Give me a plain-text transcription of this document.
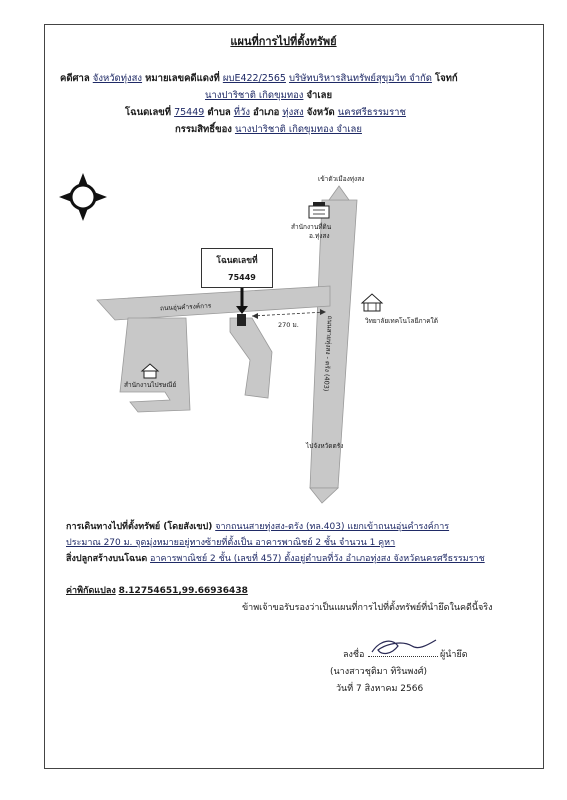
แผนที่การไปที่ตั้งทรัพย์
คดีศาล จังหวัดทุ่งสง หมายเลขคดีแดงที่ ผบE422/2565 บริษัทบริหารสินทรัพย์สุขุมวิท จำกัด โจทก์
นางปาริชาติ เกิดขุมทอง จำเลย
โฉนดเลขที่ 75449 ตำบล ที่วัง อำเภอ ทุ่งสง จังหวัด นครศรีธรรมราช
กรรมสิทธิ์ของ นางปาริชาติ เกิดขุมทอง จำเลย
N
เข้าตัวเมืองทุ่งสง
สำนักงานที่ดิน
อ.ทุ่งสง
โฉนดเลขที่
75449
ถนนสายทุ่งสง - ตรัง (403)
ถนนอุ่นคำรงค์การ
270 ม.	วิทยาลัยเทคโนโลยีภาคใต้
สำนักงานไปรษณีย์
ไปจังหวัดตรัง
การเดินทางไปที่ตั้งทรัพย์ (โดยสังเขป) จากถนนสายทุ่งสง-ตรัง (ทล.403) แยกเข้าถนนอุ่นคำรงค์การ
ประมาณ 270 ม. จุดมุ่งหมายอยู่ทางซ้ายที่ตั้งเป็น อาคารพาณิชย์ 2 ชั้น จำนวน 1 คูหา
สิ่งปลูกสร้างบนโฉนด อาคารพาณิชย์ 2 ชั้น (เลขที่ 457) ตั้งอยู่ตำบลที่วัง อำเภอทุ่งสง จังหวัดนครศรีธรรมราช
ค่าพิกัดแปลง 8.12754651,99.66936438
ข้าพเจ้าขอรับรองว่าเป็นแผนที่การไปที่ตั้งทรัพย์ที่นำยึดในคดีนี้จริง
ลงชื่อ	ผู้นำยึด
(นางสาวชุติมา ทิรินพงศ์)
วันที่ 7 สิงหาคม 2566
